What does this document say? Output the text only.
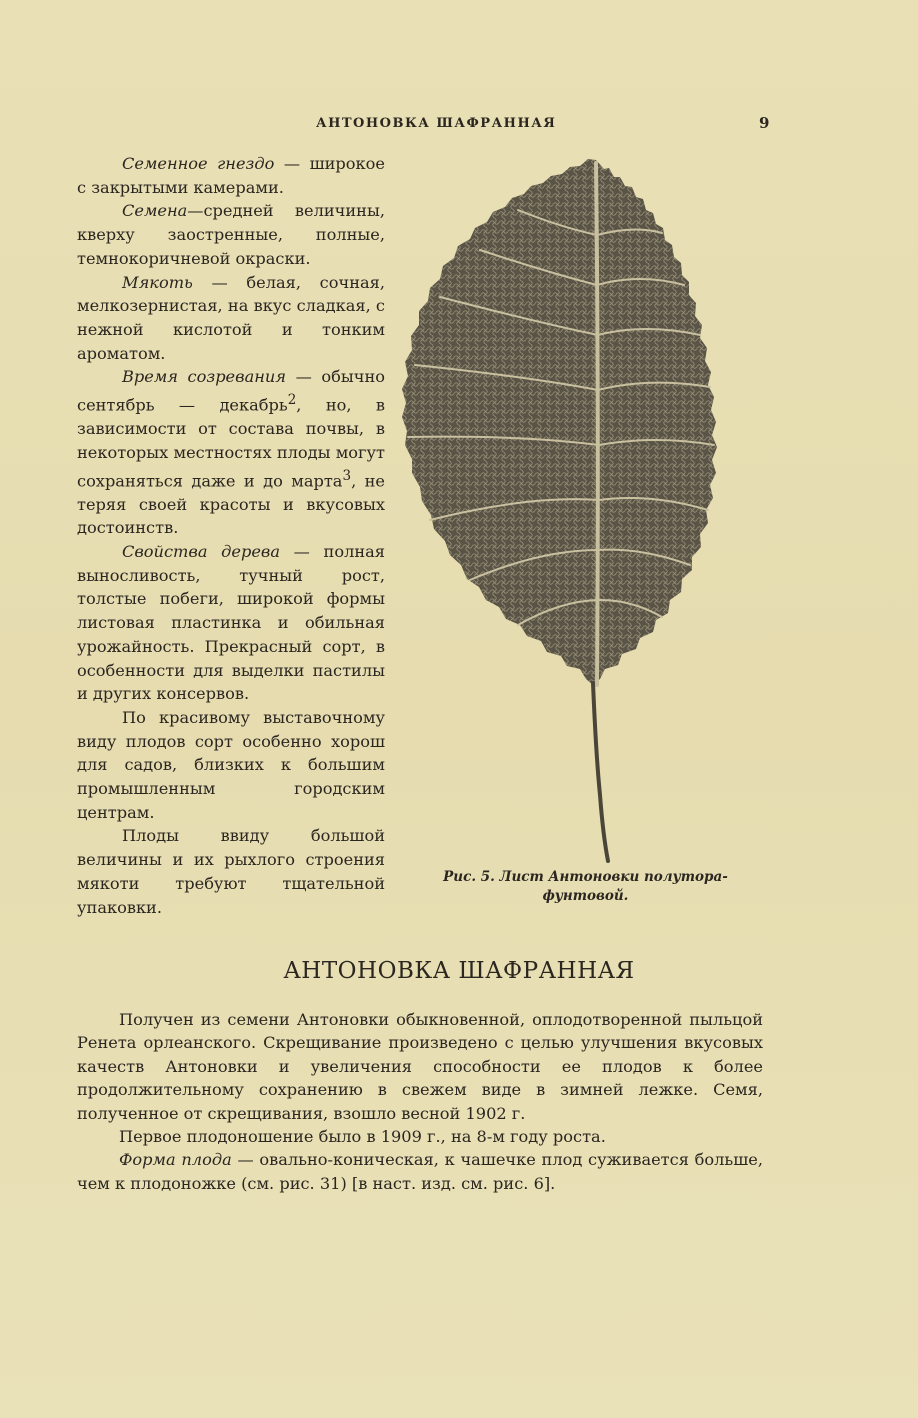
АНТОНОВКА ШАФРАННАЯ	9

Семенное гнездо — широкое с закрытыми камерами.

Семена—средней величины, кверху заостренные, полные, темнокоричневой окраски.

Мякоть — белая, сочная, мелкозернистая, на вкус сладкая, с нежной кислотой и тонким ароматом.

Время созревания — обычно сентябрь — декабрь$^2$, но, в зависимости от состава почвы, в некоторых местностях плоды могут сохраняться даже и до марта$^3$, не теряя своей красоты и вкусовых достоинств.

Свойства дерева — полная выносливость, тучный рост, толстые побеги, широкой формы листовая пластинка и обильная урожайность. Прекрасный сорт, в особенности для выделки пастилы и других консервов.

По красивому выставочному виду плодов сорт особенно хорош для садов, близких к большим промышленным городским центрам.

Плоды ввиду большой величины и их рыхлого строения мякоти требуют тщательной упаковки.

Рис. 5. Лист Антоновки полутора-фунтовой.
АНТОНОВКА ШАФРАННАЯ

Получен из семени Антоновки обыкновенной, оплодотворенной пыльцой Ренета орлеанского. Скрещивание произведено с целью улучшения вкусовых качеств Антоновки и увеличения способности ее плодов к более продолжительному сохранению в свежем виде в зимней лежке. Семя, полученное от скрещивания, взошло весной 1902 г.

Первое плодоношение было в 1909 г., на 8-м году роста.

Форма плода — овально-коническая, к чашечке плод суживается больше, чем к плодоножке (см. рис. 31) [в наст. изд. см. рис. 6].
